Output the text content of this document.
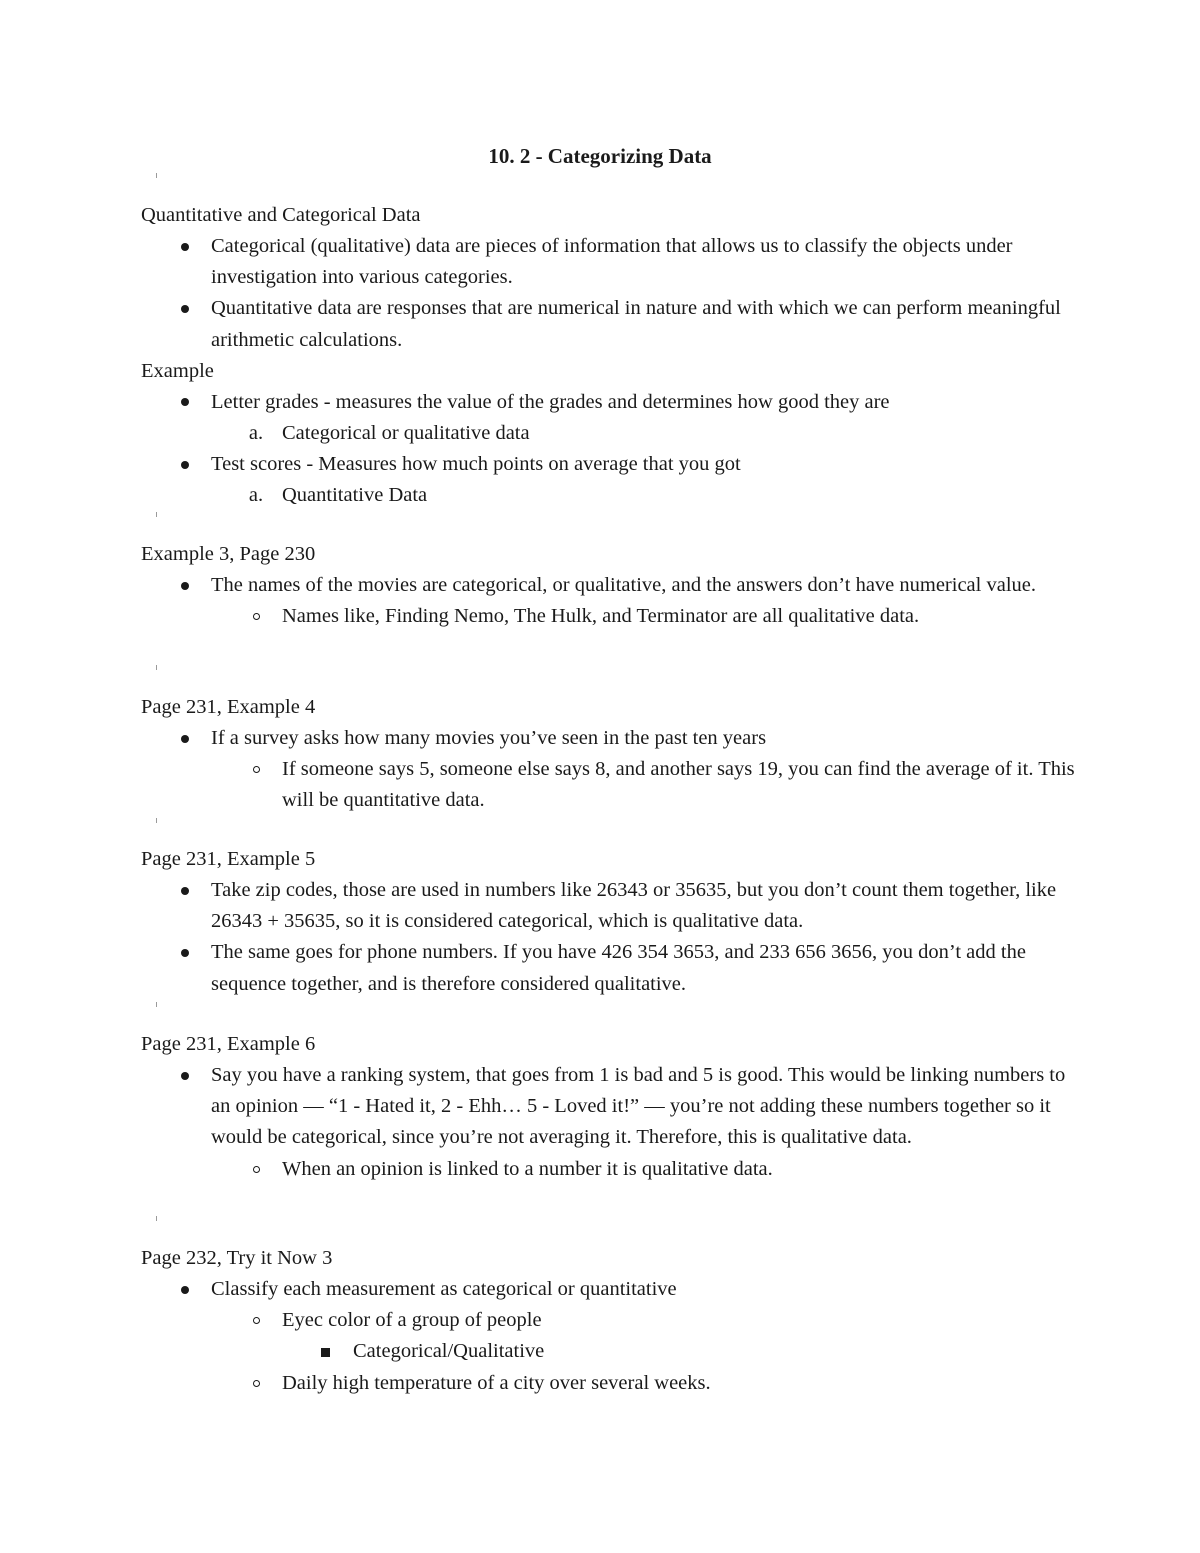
10. 2 - Categorizing Data
Quantitative and Categorical Data
Categorical (qualitative) data are pieces of information that allows us to classify the objects under investigation into various categories.
Quantitative data are responses that are numerical in nature and with which we can perform meaningful arithmetic calculations.
Example
Letter grades - measures the value of the grades and determines how good they are
a. Categorical or qualitative data
Test scores - Measures how much points on average that you got
a. Quantitative Data
Example 3, Page 230
The names of the movies are categorical, or qualitative, and the answers don’t have numerical value.
Names like, Finding Nemo, The Hulk, and Terminator are all qualitative data.
Page 231, Example 4
If a survey asks how many movies you’ve seen in the past ten years
If someone says 5, someone else says 8, and another says 19, you can find the average of it. This will be quantitative data.
Page 231, Example 5
Take zip codes, those are used in numbers like 26343 or 35635, but you don’t count them together, like 26343 + 35635, so it is considered categorical, which is qualitative data.
The same goes for phone numbers. If you have 426 354 3653, and 233 656 3656, you don’t add the sequence together, and is therefore considered qualitative.
Page 231, Example 6
Say you have a ranking system, that goes from 1 is bad and 5 is good. This would be linking numbers to an opinion — “1 - Hated it, 2 - Ehh… 5 - Loved it!” — you’re not adding these numbers together so it would be categorical, since you’re not averaging it. Therefore, this is qualitative data.
When an opinion is linked to a number it is qualitative data.
Page 232, Try it Now 3
Classify each measurement as categorical or quantitative
Eyec color of a group of people
Categorical/Qualitative
Daily high temperature of a city over several weeks.
